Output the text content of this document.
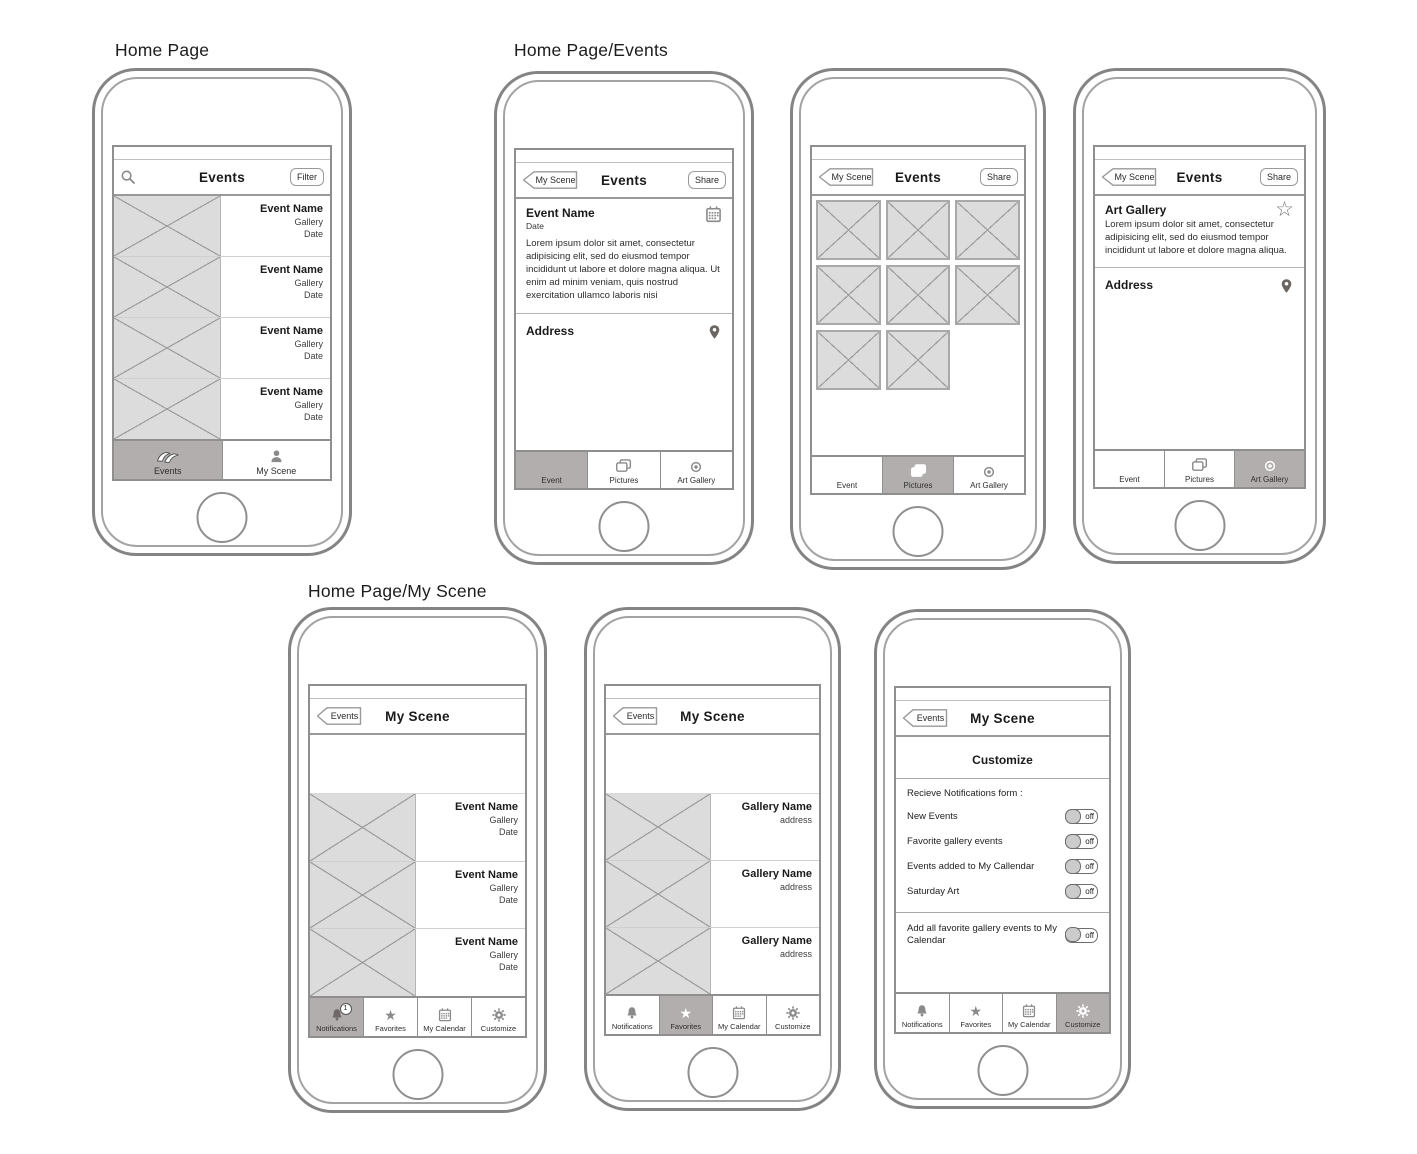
Home Page	Home Page/Events
Home Page/My Scene
Events	Filter
Event Name
Gallery
Date
Event Name
Gallery
Date
Event Name
Gallery
Date
Event Name
Gallery
Date
Events	My Scene
My Scene	Events	Share
Event Name
Date

Lorem ipsum dolor sit amet, consectetur adipisicing elit, sed do eiusmod tempor incididunt ut labore et dolore magna aliqua. Ut enim ad minim veniam, quis nostrud exercitation ullamco laboris nisi

Address
Event	Pictures	Art Gallery
My Scene	Events	Share
Event	Pictures	Art Gallery
My Scene	Events	Share
Art Gallery
☆

Lorem ipsum dolor sit amet, consectetur adipisicing elit, sed do eiusmod tempor incididunt ut labore et dolore magna aliqua.

Address
Event	Pictures	Art Gallery
Events	My Scene
Event Name
Gallery
Date
Event Name
Gallery
Date
Event Name
Gallery
Date
1
Notifications
★ Favorites My Calendar Customize
Events	My Scene
Gallery Name
address
Gallery Name
address
Gallery Name
address
Notifications
★ Favorites My Calendar Customize
Events	My Scene
Customize
Recieve Notifications form :
New Events	off
Favorite gallery events	off
Events added to My Callendar	off
Saturday Art	off
Add all favorite gallery events to My Calendar	off
Notifications
★ Favorites My Calendar Customize
